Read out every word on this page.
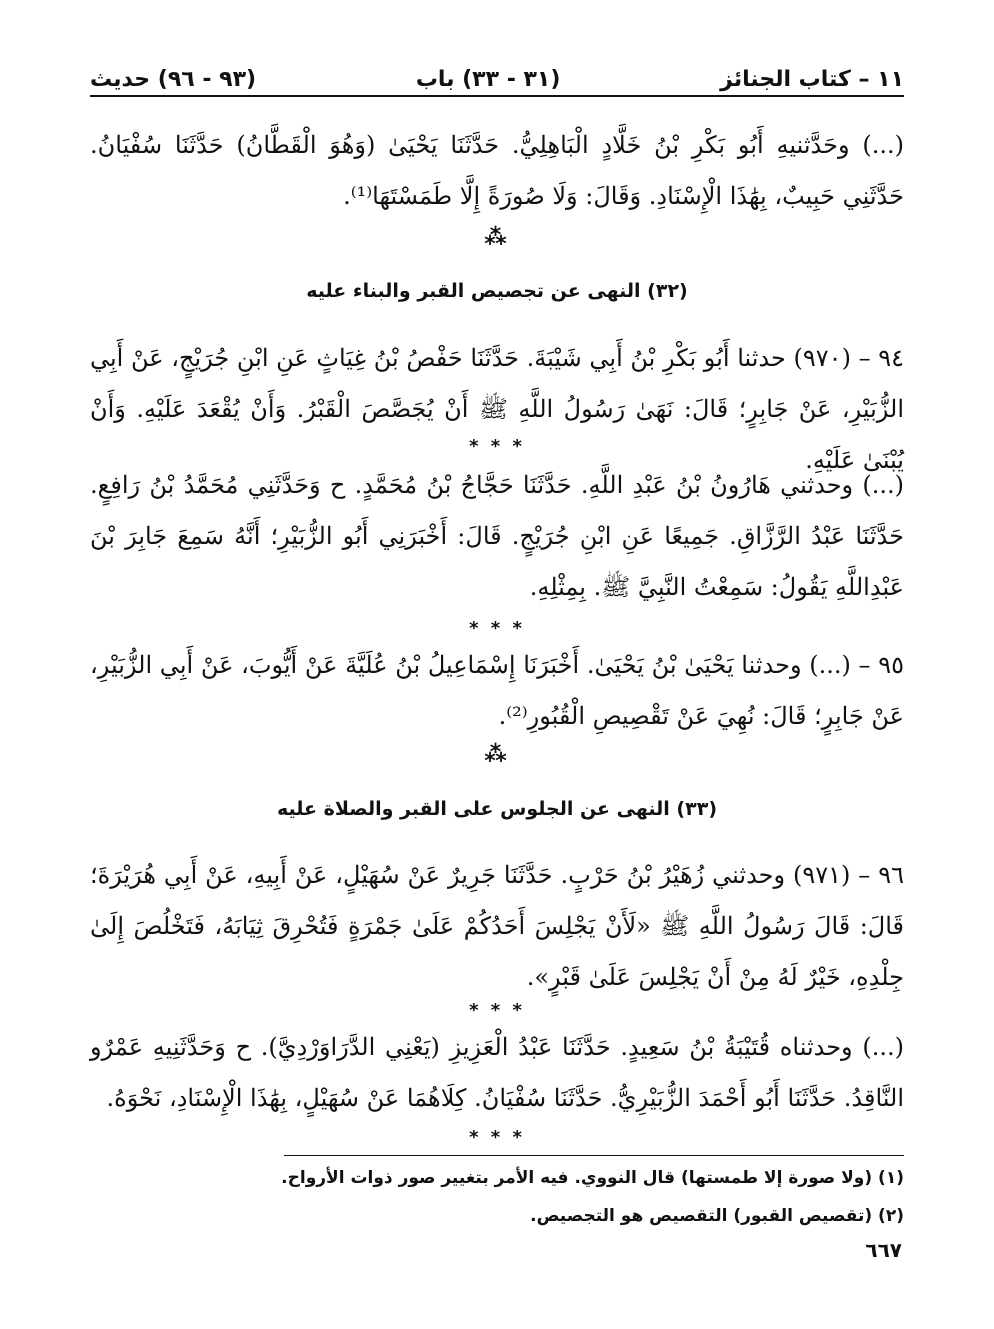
١١ – كتاب الجنائز
(٣١ - ٣٣) باب
(٩٣ - ٩٦) حديث
(...) وحَدَّثنيهِ أَبُو بَكْرِ بْنُ خَلَّادٍ الْبَاهِلِيُّ. حَدَّثَنَا يَحْيَىٰ (وَهُوَ الْقَطَّانُ) حَدَّثَنَا سُفْيَانُ. حَدَّثَنِي حَبِيبٌ، بِهَٰذَا الْإِسْنَادِ. وَقَالَ: وَلَا صُورَةً إِلَّا طَمَسْتَهَا⁽¹⁾.
⁂
(٣٢) النهى عن تجصيص القبر والبناء عليه
٩٤ – (٩٧٠) حدثنا أَبُو بَكْرِ بْنُ أَبِي شَيْبَةَ. حَدَّثَنَا حَفْصُ بْنُ غِيَاثٍ عَنِ ابْنِ جُرَيْجٍ، عَنْ أَبِي الزُّبَيْرِ، عَنْ جَابِرٍ؛ قَالَ: نَهَىٰ رَسُولُ اللَّهِ ﷺ أَنْ يُجَصَّصَ الْقَبْرُ. وَأَنْ يُقْعَدَ عَلَيْهِ. وَأَنْ يُبْنَىٰ عَلَيْهِ.
* * *
(...) وحدثني هَارُونُ بْنُ عَبْدِ اللَّهِ. حَدَّثَنَا حَجَّاجُ بْنُ مُحَمَّدٍ. ح وَحَدَّثَنِي مُحَمَّدُ بْنُ رَافِعٍ. حَدَّثَنَا عَبْدُ الرَّزَّاقِ. جَمِيعًا عَنِ ابْنِ جُرَيْجٍ. قَالَ: أَخْبَرَنِي أَبُو الزُّبَيْرِ؛ أَنَّهُ سَمِعَ جَابِرَ بْنَ عَبْدِاللَّهِ يَقُولُ: سَمِعْتُ النَّبِيَّ ﷺ. بِمِثْلِهِ.
* * *
٩٥ – (...) وحدثنا يَحْيَىٰ بْنُ يَحْيَىٰ. أَخْبَرَنَا إِسْمَاعِيلُ بْنُ عُلَيَّةَ عَنْ أَيُّوبَ، عَنْ أَبِي الزُّبَيْرِ، عَنْ جَابِرٍ؛ قَالَ: نُهِيَ عَنْ تَقْصِيصِ الْقُبُورِ⁽²⁾.
⁂
(٣٣) النهى عن الجلوس على القبر والصلاة عليه
٩٦ – (٩٧١) وحدثني زُهَيْرُ بْنُ حَرْبٍ. حَدَّثَنَا جَرِيرٌ عَنْ سُهَيْلٍ، عَنْ أَبِيهِ، عَنْ أَبِي هُرَيْرَةَ؛ قَالَ: قَالَ رَسُولُ اللَّهِ ﷺ «لَأَنْ يَجْلِسَ أَحَدُكُمْ عَلَىٰ جَمْرَةٍ فَتُحْرِقَ ثِيَابَهُ، فَتَخْلُصَ إِلَىٰ جِلْدِهِ، خَيْرٌ لَهُ مِنْ أَنْ يَجْلِسَ عَلَىٰ قَبْرٍ».
* * *
(...) وحدثناه قُتَيْبَةُ بْنُ سَعِيدٍ. حَدَّثَنَا عَبْدُ الْعَزِيزِ (يَعْنِي الدَّرَاوَرْدِيَّ). ح وَحَدَّثَنِيهِ عَمْرٌو النَّاقِدُ. حَدَّثَنَا أَبُو أَحْمَدَ الزُّبَيْرِيُّ. حَدَّثَنَا سُفْيَانُ. كِلَاهُمَا عَنْ سُهَيْلٍ، بِهَٰذَا الْإِسْنَادِ، نَحْوَهُ.
* * *
(١) (ولا صورة إلا طمستها) قال النووي. فيه الأمر بتغيير صور ذوات الأرواح.
(٢) (تقصيص القبور) التقصيص هو التجصيص.
٦٦٧
